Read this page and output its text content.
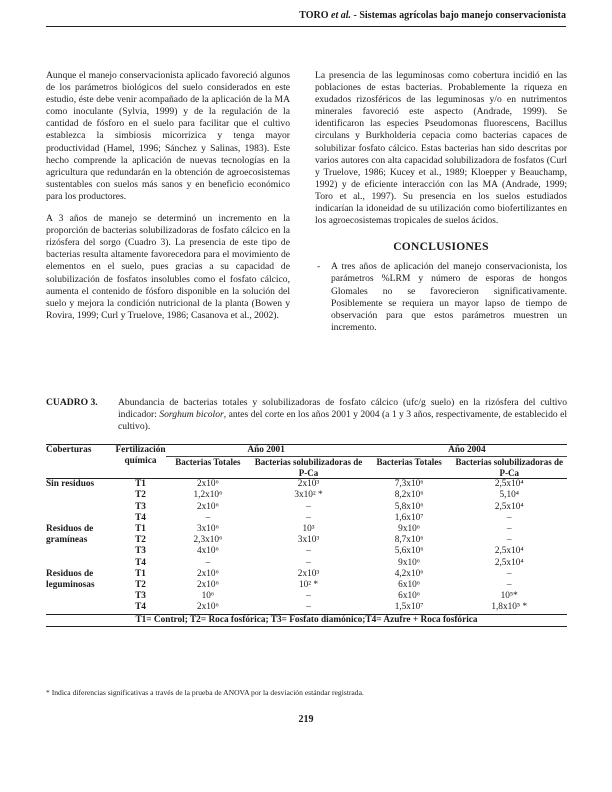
TORO et al. - Sistemas agrícolas bajo manejo conservacionista

Aunque el manejo conservacionista aplicado favoreció algunos de los parámetros biológicos del suelo considerados en este estudio, éste debe venir acompañado de la aplicación de la MA como inoculante (Sylvia, 1999) y de la regulación de la cantidad de fósforo en el suelo para facilitar que el cultivo establezca la simbiosis micorrízica y tenga mayor productividad (Hamel, 1996; Sánchez y Salinas, 1983). Este hecho comprende la aplicación de nuevas tecnologías en la agricultura que redundarán en la obtención de agroecosistemas sustentables con suelos más sanos y en beneficio económico para los productores.

A 3 años de manejo se determinó un incremento en la proporción de bacterias solubilizadoras de fosfato cálcico en la rizósfera del sorgo (Cuadro 3). La presencia de este tipo de bacterias resulta altamente favorecedora para el movimiento de elementos en el suelo, pues gracias a su capacidad de solubilización de fosfatos insolubles como el fosfato cálcico, aumenta el contenido de fósforo disponible en la solución del suelo y mejora la condición nutricional de la planta (Bowen y Rovira, 1999; Curl y Truelove, 1986; Casanova et al., 2002).

La presencia de las leguminosas como cobertura incidió en las poblaciones de estas bacterias. Probablemente la riqueza en exudados rizosféricos de las leguminosas y/o en nutrimentos minerales favoreció este aspecto (Andrade, 1999). Se identificaron las especies Pseudomonas fluorescens, Bacillus circulans y Burkholderia cepacia como bacterias capaces de solubilizar fosfato cálcico. Estas bacterias han sido descritas por varios autores con alta capacidad solubilizadora de fosfatos (Curl y Truelove, 1986; Kucey et al., 1989; Kloepper y Beauchamp, 1992) y de eficiente interacción con las MA (Andrade, 1999; Toro et al., 1997). Su presencia en los suelos estudiados indicarían la idoneidad de su utilización como biofertilizantes en los agroecosistemas tropicales de suelos ácidos.

CONCLUSIONES
-	A tres años de aplicación del manejo conservacionista, los parámetros %LRM y número de esporas de hongos Glomales no se favorecieron significativamente. Posiblemente se requiera un mayor lapso de tiempo de observación para que estos parámetros muestren un incremento.
CUADRO 3.	Abundancia de bacterias totales y solubilizadoras de fosfato cálcico (ufc/g suelo) en la rizósfera del cultivo indicador: Sorghum bicolor, antes del corte en los años 2001 y 2004 (a 1 y 3 años, respectivamente, de establecido el cultivo).
Coberturas	Fertilización química	Año 2001		Año 2004	
		Bacterias Totales	Bacterias solubilizadoras de P-Ca	Bacterias Totales	Bacterias solubilizadoras de P-Ca
Sin residuos	T1	2x10⁶	2x10³	7,3x10⁶	2,5x10⁴
	T2	1,2x10⁶	3x10² *	8,2x10⁶	5,10⁴
	T3	2x10⁶	–	5,8x10⁶	2,5x10⁴
	T4	–	–	1,6x10⁷	–
Residuos de gramíneas	T1	3x10⁶	10³	9x10⁶	–
	T2	2,3x10⁶	3x10³	8,7x10⁶	–
	T3	4x10⁶	–	5,6x10⁶	2,5x10⁴
	T4	–	–	9x10⁶	2,5x10⁴
Residuos de leguminosas	T1	2x10⁶	2x10³	4,2x10⁶	–
	T2	2x10⁶	10² *	6x10⁶	–
	T3	10⁶	–	6x10⁶	10⁵*
	T4	2x10⁶	–	1,5x10⁷	1,8x10⁵ *
T1= Control; T2= Roca fosfórica; T3= Fosfato diamónico;T4= Azufre + Roca fosfórica					
* Indica diferencias significativas a través de la prueba de ANOVA por la desviación estándar registrada.
219
